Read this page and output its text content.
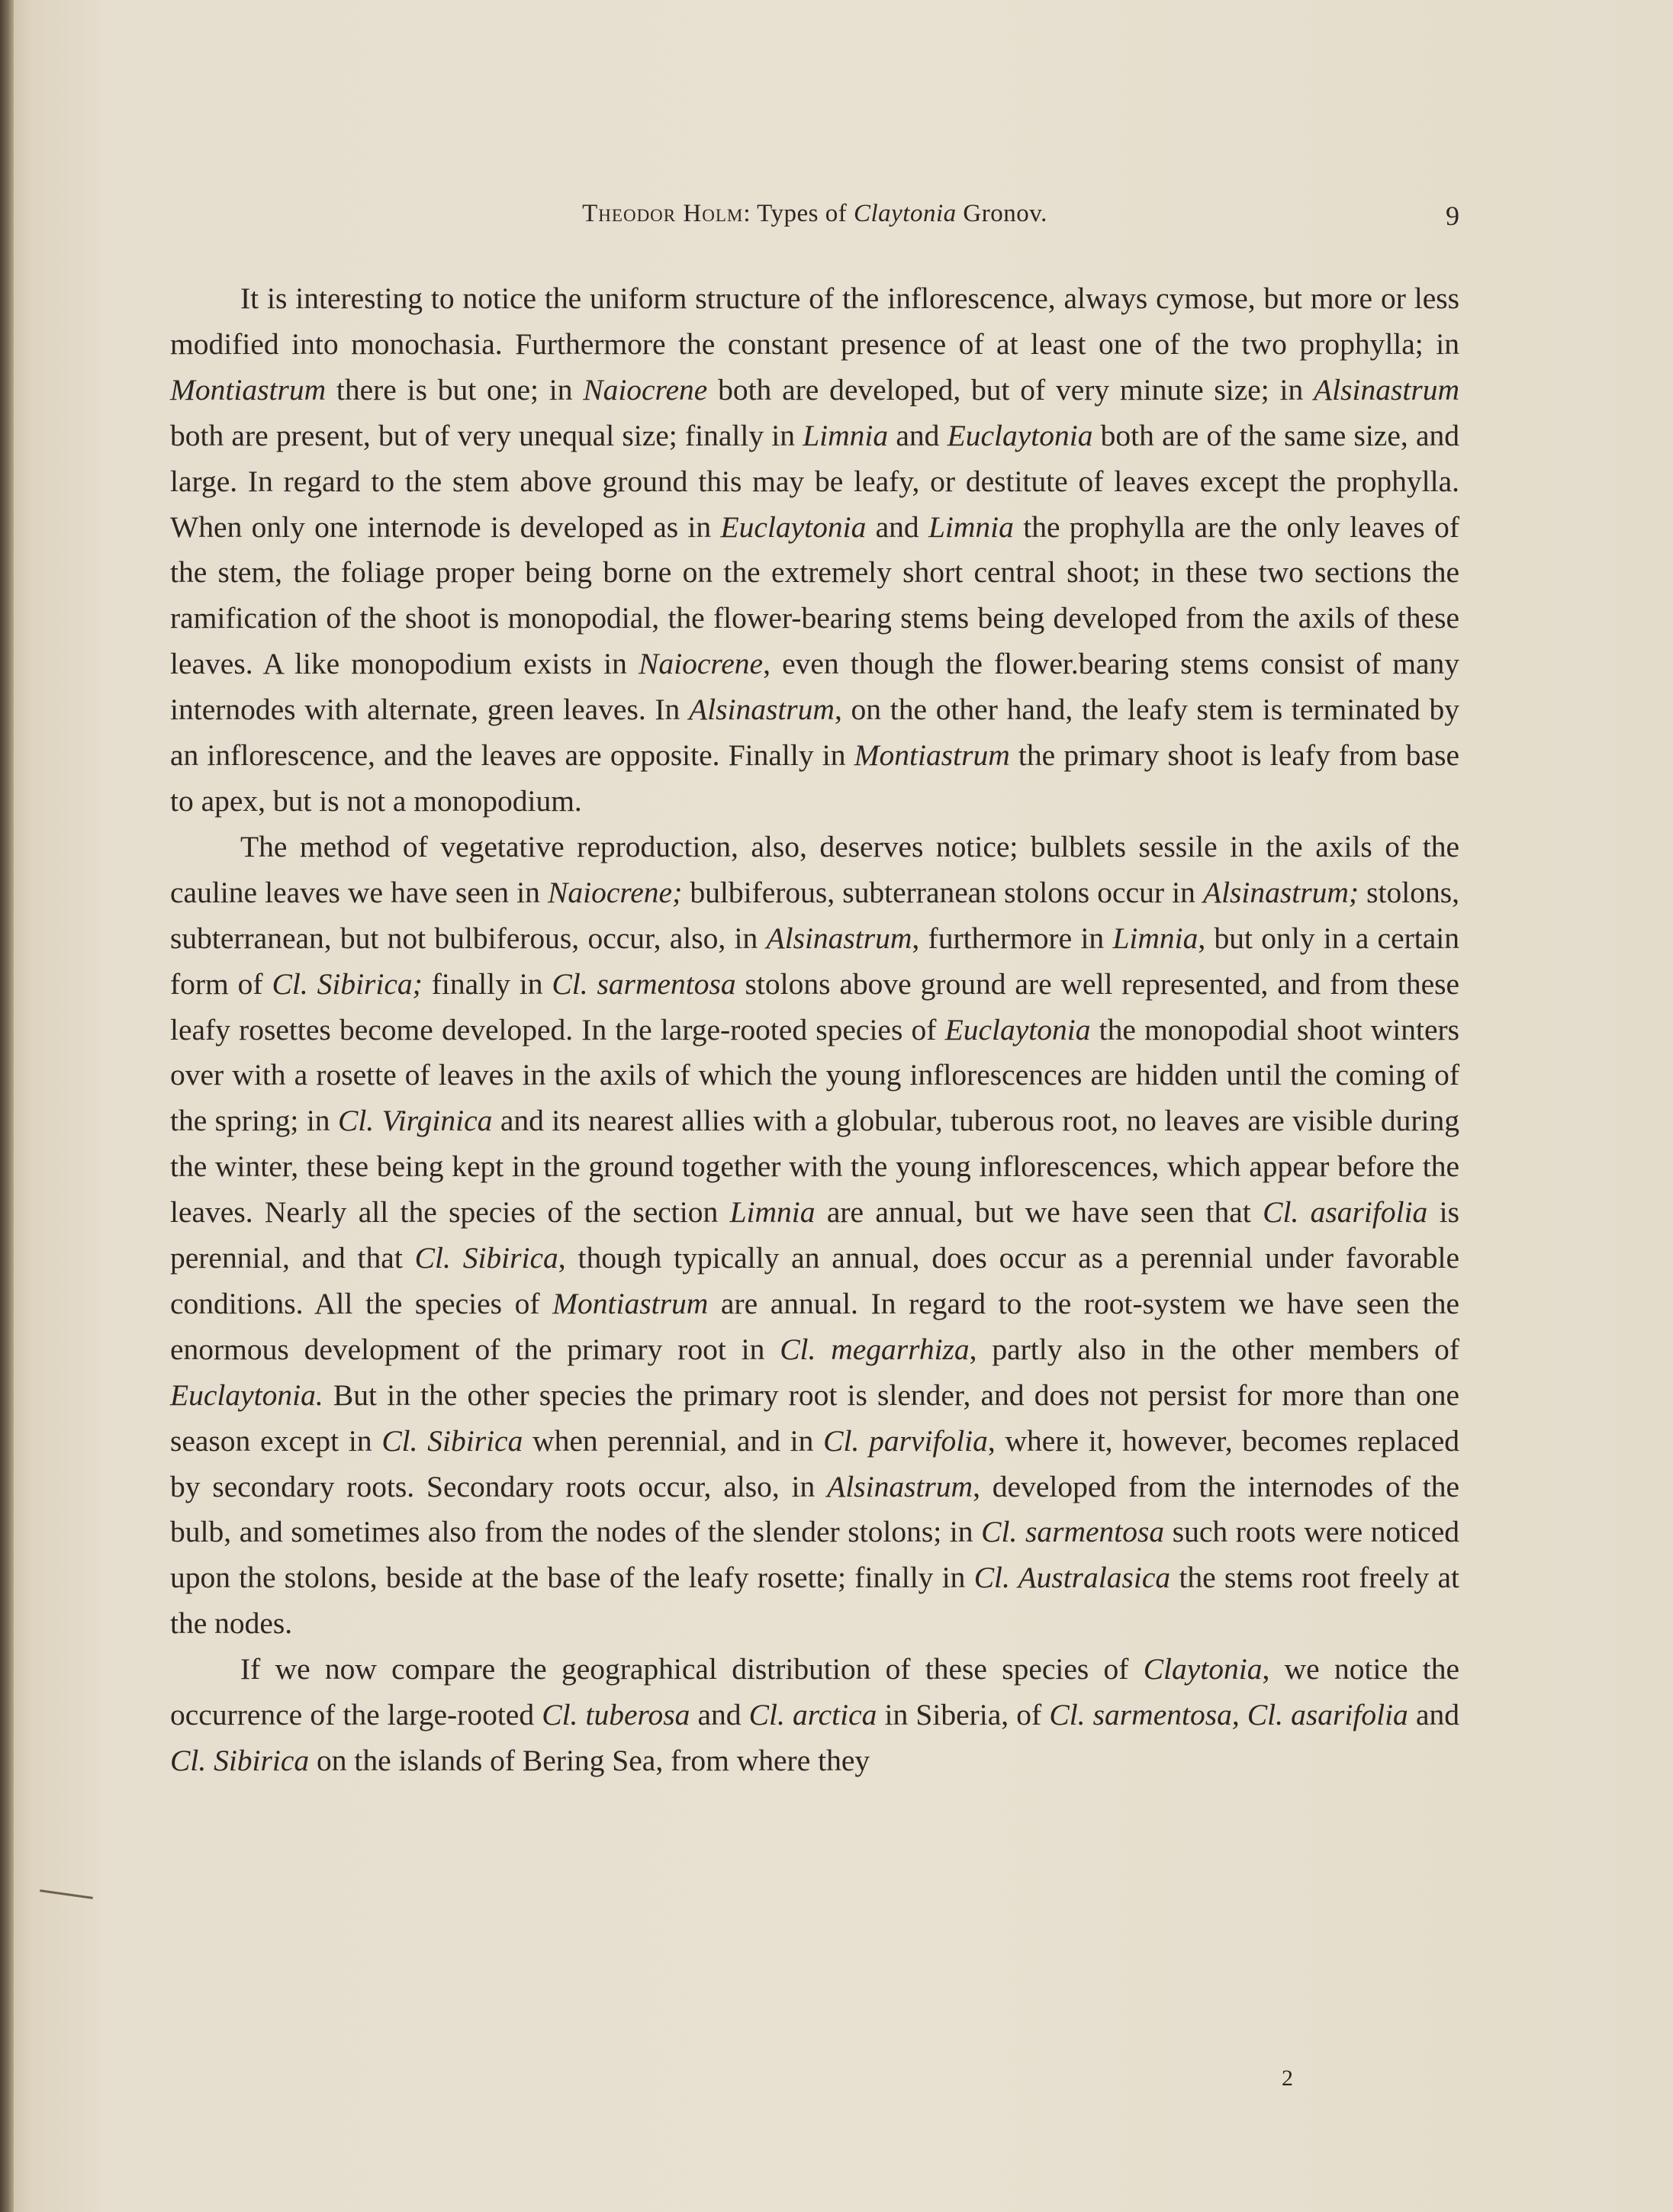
Theodor Holm: Types of Claytonia Gronov.	9

It is interesting to notice the uniform structure of the inflorescence, always cymose, but more or less modified into monochasia. Furthermore the constant presence of at least one of the two prophylla; in Montiastrum there is but one; in Naiocrene both are developed, but of very minute size; in Alsinastrum both are present, but of very unequal size; finally in Limnia and Euclaytonia both are of the same size, and large. In regard to the stem above ground this may be leafy, or destitute of leaves except the prophylla. When only one internode is developed as in Euclaytonia and Limnia the prophylla are the only leaves of the stem, the foliage proper being borne on the extremely short central shoot; in these two sections the ramification of the shoot is monopodial, the flower-bearing stems being developed from the axils of these leaves. A like monopodium exists in Naiocrene, even though the flower.bearing stems consist of many internodes with alternate, green leaves. In Alsinastrum, on the other hand, the leafy stem is terminated by an inflorescence, and the leaves are opposite. Finally in Montiastrum the primary shoot is leafy from base to apex, but is not a monopodium.

The method of vegetative reproduction, also, deserves notice; bulblets sessile in the axils of the cauline leaves we have seen in Naiocrene; bulbiferous, subterranean stolons occur in Alsinastrum; stolons, subterranean, but not bulbiferous, occur, also, in Alsinastrum, furthermore in Limnia, but only in a certain form of Cl. Sibirica; finally in Cl. sarmentosa stolons above ground are well represented, and from these leafy rosettes become developed. In the large-rooted species of Euclaytonia the monopodial shoot winters over with a rosette of leaves in the axils of which the young inflorescences are hidden until the coming of the spring; in Cl. Virginica and its nearest allies with a globular, tuberous root, no leaves are visible during the winter, these being kept in the ground together with the young inflorescences, which appear before the leaves. Nearly all the species of the section Limnia are annual, but we have seen that Cl. asarifolia is perennial, and that Cl. Sibirica, though typically an annual, does occur as a perennial under favorable conditions. All the species of Montiastrum are annual. In regard to the root-system we have seen the enormous development of the primary root in Cl. megarrhiza, partly also in the other members of Euclaytonia. But in the other species the primary root is slender, and does not persist for more than one season except in Cl. Sibirica when perennial, and in Cl. parvifolia, where it, however, becomes replaced by secondary roots. Secondary roots occur, also, in Alsinastrum, developed from the internodes of the bulb, and sometimes also from the nodes of the slender stolons; in Cl. sarmentosa such roots were noticed upon the stolons, beside at the base of the leafy rosette; finally in Cl. Australasica the stems root freely at the nodes.

If we now compare the geographical distribution of these species of Claytonia, we notice the occurrence of the large-rooted Cl. tuberosa and Cl. arctica in Siberia, of Cl. sarmentosa, Cl. asarifolia and Cl. Sibirica on the islands of Bering Sea, from where they

2
